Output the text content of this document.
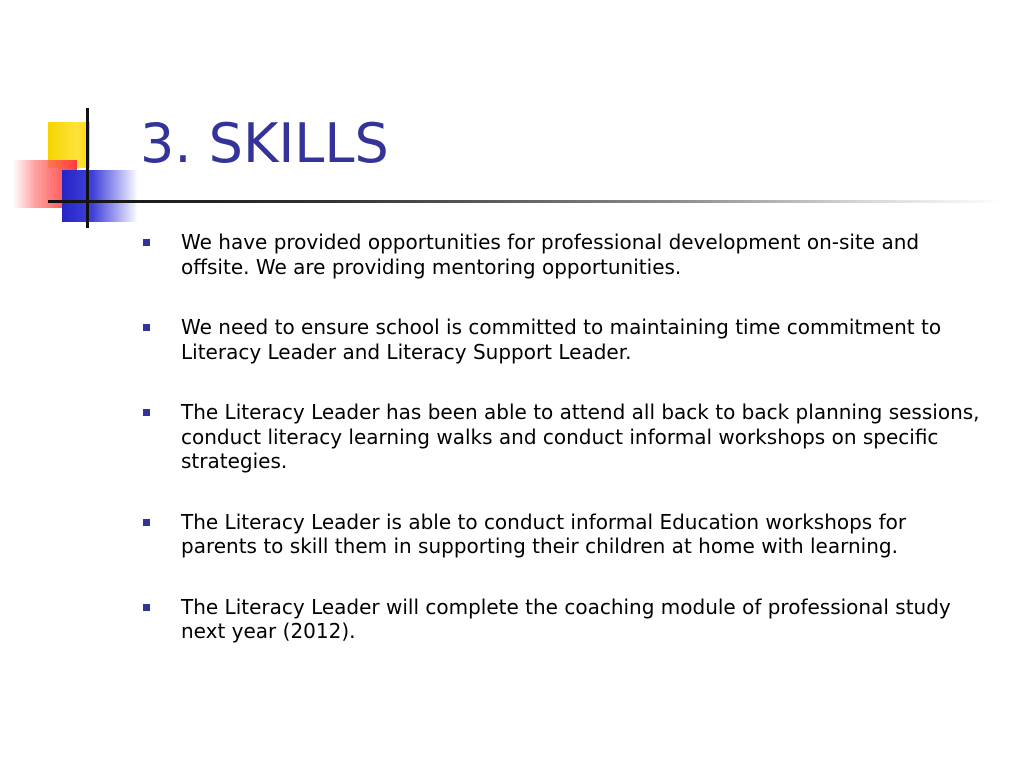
3. SKILLS
We have provided opportunities for professional development on-site and offsite. We are providing mentoring opportunities.
We need to ensure school is committed to maintaining time commitment to Literacy Leader and Literacy Support Leader.
The Literacy Leader has been able to attend all back to back planning sessions, conduct literacy learning walks and conduct informal workshops on specific strategies.
The Literacy Leader is able to conduct informal Education workshops for parents to skill them in supporting their children at home with learning.
The Literacy Leader will complete the coaching module of professional study next year (2012).
